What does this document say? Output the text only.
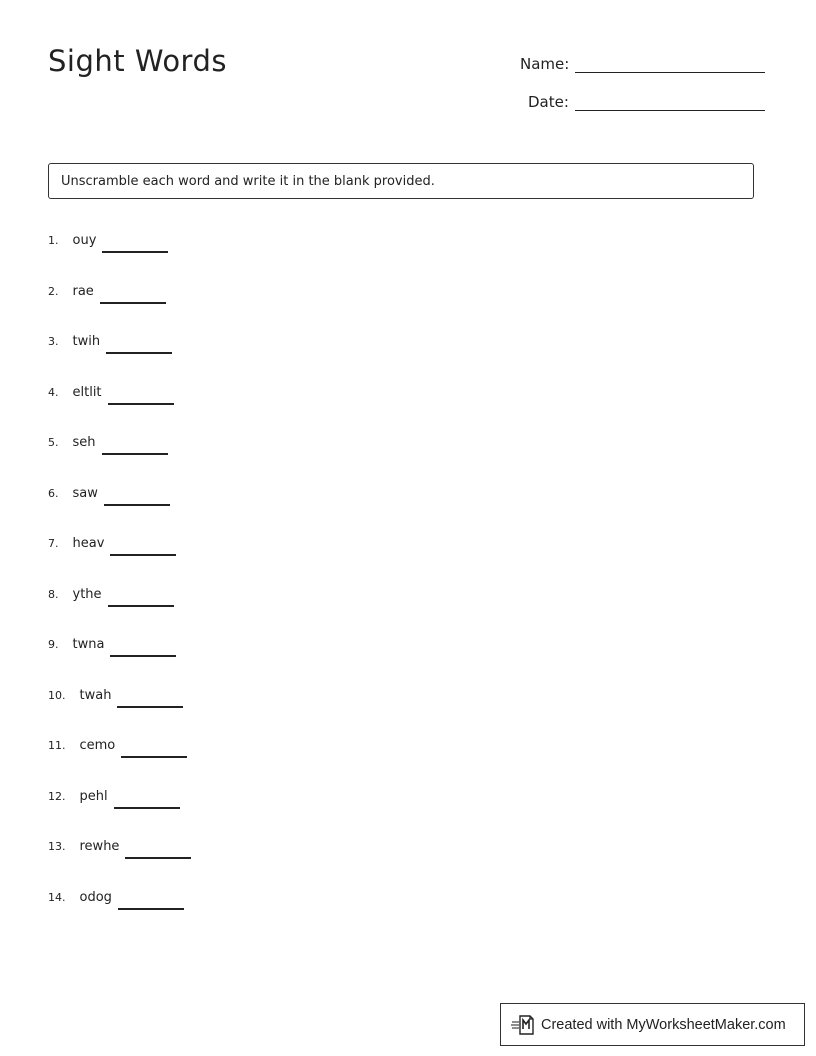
Sight Words	Name:
Date:
Unscramble each word and write it in the blank provided.
1. ouy
2. rae
3. twih
4. eltlit
5. seh
6. saw
7. heav
8. ythe
9. twna
10. twah
11. cemo
12. pehl
13. rewhe
14. odog
Created with MyWorksheetMaker.com
